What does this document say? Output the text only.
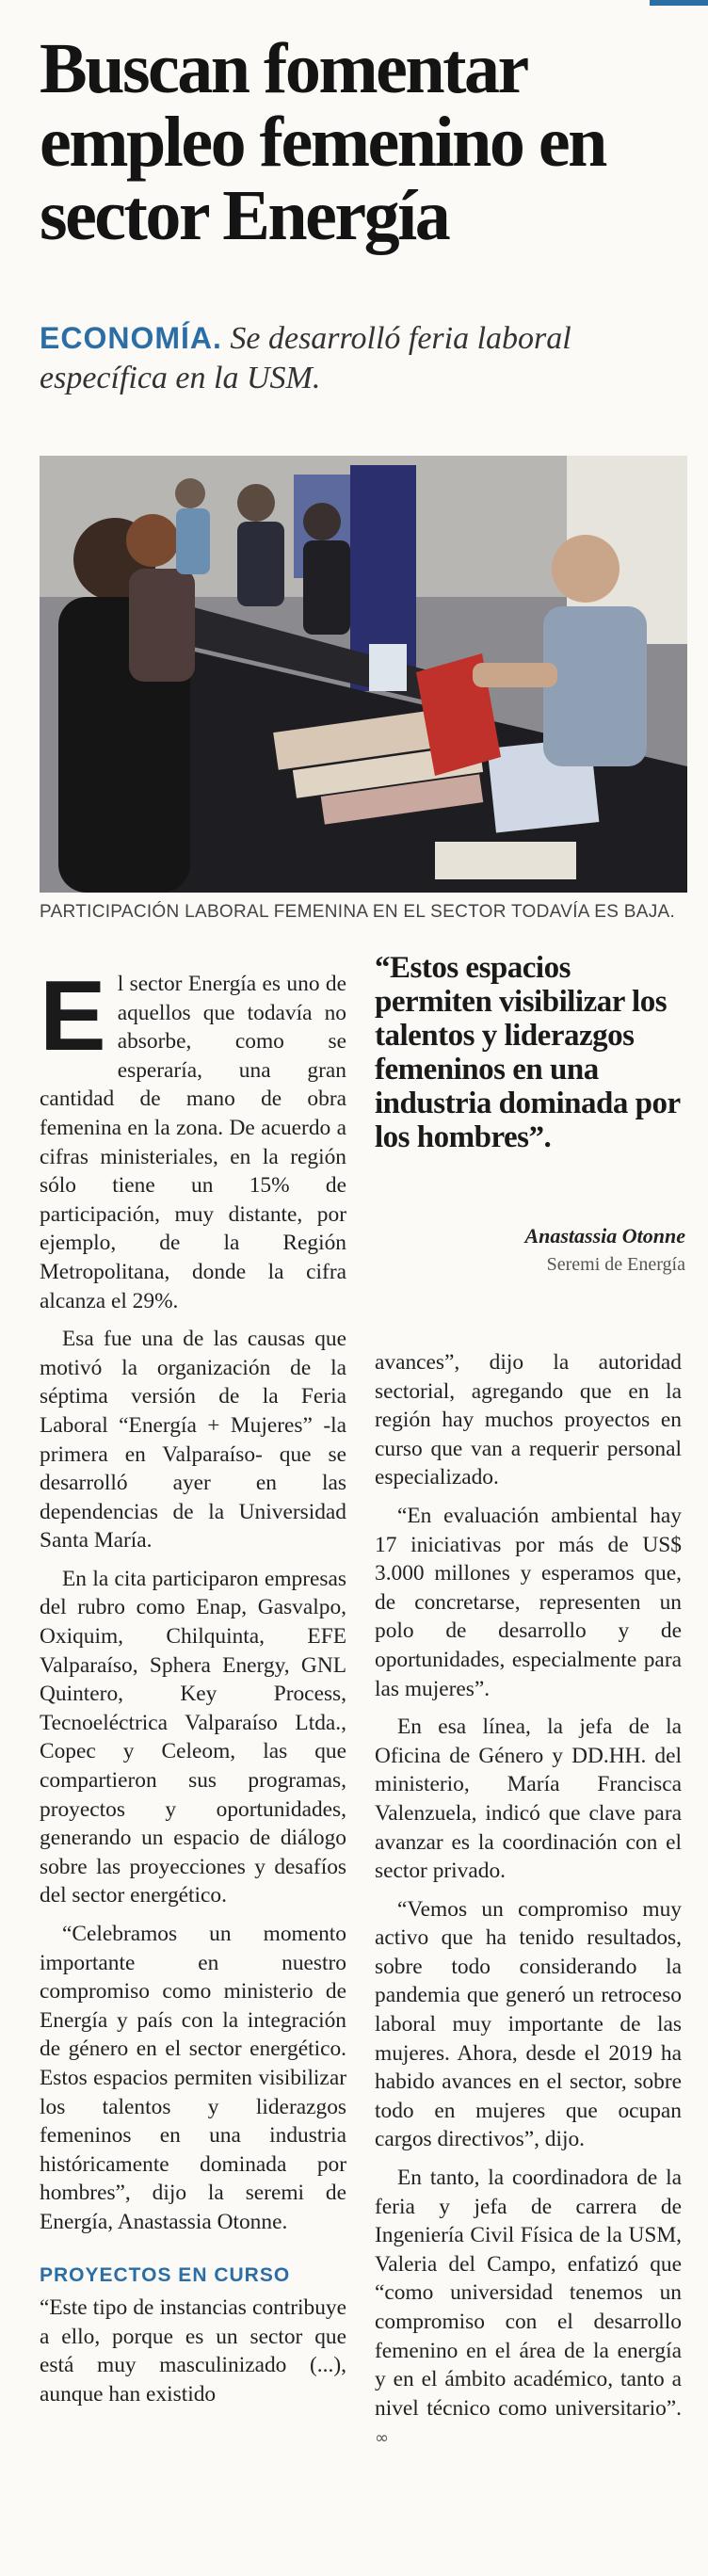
Buscan fomentar empleo femenino en sector Energía
ECONOMÍA. Se desarrolló feria laboral específica en la USM.
PARTICIPACIÓN LABORAL FEMENINA EN EL SECTOR TODAVÍA ES BAJA.

El sector Energía es uno de aquellos que todavía no absorbe, como se esperaría, una gran cantidad de mano de obra femenina en la zona. De acuerdo a cifras ministeriales, en la región sólo tiene un 15% de participación, muy distante, por ejemplo, de la Región Metropolitana, donde la cifra alcanza el 29%.

Esa fue una de las causas que motivó la organización de la séptima versión de la Feria Laboral “Energía + Mujeres” -la primera en Valparaíso- que se desarrolló ayer en las dependencias de la Universidad Santa María.

En la cita participaron empresas del rubro como Enap, Gasvalpo, Oxiquim, Chilquinta, EFE Valparaíso, Sphera Energy, GNL Quintero, Key Process, Tecnoeléctrica Valparaíso Ltda., Copec y Celeom, las que compartieron sus programas, proyectos y oportunidades, generando un espacio de diálogo sobre las proyecciones y desafíos del sector energético.

“Celebramos un momento importante en nuestro compromiso como ministerio de Energía y país con la integración de género en el sector energético. Estos espacios permiten visibilizar los talentos y liderazgos femeninos en una industria históricamente dominada por hombres”, dijo la seremi de Energía, Anastassia Otonne.

PROYECTOS EN CURSO

“Este tipo de instancias contribuye a ello, porque es un sector que está muy masculinizado (...), aunque han existido

“Estos espacios permiten visibilizar los talentos y liderazgos femeninos en una industria dominada por los hombres”.
Anastassia Otonne
Seremi de Energía

avances”, dijo la autoridad sectorial, agregando que en la región hay muchos proyectos en curso que van a requerir personal especializado.

“En evaluación ambiental hay 17 iniciativas por más de US$ 3.000 millones y esperamos que, de concretarse, representen un polo de desarrollo y de oportunidades, especialmente para las mujeres”.

En esa línea, la jefa de la Oficina de Género y DD.HH. del ministerio, María Francisca Valenzuela, indicó que clave para avanzar es la coordinación con el sector privado.

“Vemos un compromiso muy activo que ha tenido resultados, sobre todo considerando la pandemia que generó un retroceso laboral muy importante de las mujeres. Ahora, desde el 2019 ha habido avances en el sector, sobre todo en mujeres que ocupan cargos directivos”, dijo.

En tanto, la coordinadora de la feria y jefa de carrera de Ingeniería Civil Física de la USM, Valeria del Campo, enfatizó que “como universidad tenemos un compromiso con el desarrollo femenino en el área de la energía y en el ámbito académico, tanto a nivel técnico como universitario”. ∞
